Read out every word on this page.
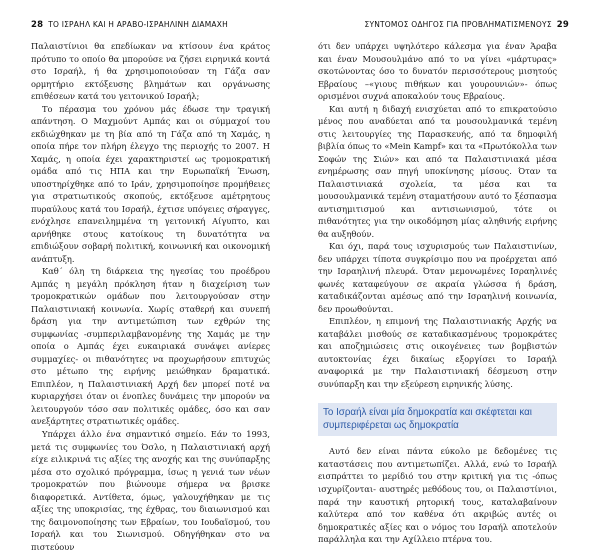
28 ΤΟ ΙΣΡΑΗΛ ΚΑΙ Η ΑΡΑΒΟ-ΙΣΡΑΗΛΙΝΗ ΔΙΑΜΑΧΗ

Παλαιστίνιοι θα επεδίωκαν να κτίσουν ένα κράτος πρότυπο το οποίο θα μπορούσε να ζήσει ειρηνικά κοντά στο Ισραήλ, ή θα χρησιμοποιούσαν τη Γάζα σαν ορμητήριο εκτόξευσης βλημάτων και οργάνωσης επιθέσεων κατά του γειτονικού Ισραήλ;

Το πέρασμα του χρόνου μάς έδωσε την τραγική απάντηση. Ο Μαχμούντ Αμπάς και οι σύμμαχοί του εκδιώχθηκαν με τη βία από τη Γάζα από τη Χαμάς, η οποία πήρε τον πλήρη έλεγχο της περιοχής το 2007. Η Χαμάς, η οποία έχει χαρακτηριστεί ως τρομοκρατική ομάδα από τις ΗΠΑ και την Ευρωπαϊκή Ένωση, υποστηρίχθηκε από το Ιράν, χρησιμοποίησε προμήθειες για στρατιωτικούς σκοπούς, εκτόξευσε αμέτρητους πυραύλους κατά του Ισραήλ, έχτισε υπόγειες σήραγγες, ενόχλησε επανειλημμένα τη γειτονική Αίγυπτο, και αρνήθηκε στους κατοίκους τη δυνατότητα να επιδιώξουν σοβαρή πολιτική, κοινωνική και οικονομική ανάπτυξη.

Καθ΄ όλη τη διάρκεια της ηγεσίας του προέδρου Αμπάς η μεγάλη πρόκληση ήταν η διαχείριση των τρομοκρατικών ομάδων που λειτουργούσαν στην Παλαιστινιακή κοινωνία. Χωρίς σταθερή και συνεπή δράση για την αντιμετώπιση των εχθρών της συμφωνίας -συμπεριλαμβανομένης της Χαμάς με την οποία ο Αμπάς έχει ευκαιριακά συνάψει ανίερες συμμαχίες- οι πιθανότητες να προχωρήσουν επιτυχώς στο μέτωπο της ειρήνης μειώθηκαν δραματικά. Επιπλέον, η Παλαιστινιακή Αρχή δεν μπορεί ποτέ να κυριαρχήσει όταν οι ένοπλες δυνάμεις την μπορούν να λειτουργούν τόσο σαν πολιτικές ομάδες, όσο και σαν ανεξάρτητες στρατιωτικές ομάδες.

Υπάρχει άλλο ένα σημαντικό σημείο. Εάν το 1993, μετά τις συμφωνίες του Όσλο, η Παλαιστινιακή αρχή είχε ειλικρινά τις αξίες της ανοχής και της συνύπαρξης μέσα στο σχολικό πρόγραμμα, ίσως η γενιά των νέων τρομοκρατών που βιώνουμε σήμερα να βρισκε διαφορετικά. Αντίθετα, όμως, γαλουχήθηκαν με τις αξίες της υποκρισίας, της έχθρας, του διαιωνισμού και της δαιμονοποίησης των Εβραίων, του Ιουδαϊσμού, του Ισραήλ και του Σιωνισμού. Οδηγήθηκαν στο να πιστεύουν

ΣΥΝΤΟΜΟΣ ΟΔΗΓΟΣ ΓΙΑ ΠΡΟΒΛΗΜΑΤΙΣΜΕΝΟΥΣ 29

ότι δεν υπάρχει υψηλότερο κάλεσμα για έναν Άραβα και έναν Μουσουλμάνο από το να γίνει «μάρτυρας» σκοτώνοντας όσο το δυνατόν περισσότερους μισητούς Εβραίους –«γιους πιθήκων και γουρουνιών»- όπως ορισμένοι συχνά αποκαλούν τους Εβραίους.

Και αυτή η διδαχή ενισχύεται από το επικρατούσιο μένος που αναδύεται από τα μουσουλμανικά τεμένη στις λειτουργίες της Παρασκευής, από τα δημοφιλή βιβλία όπως το «Mein Kampf» και τα «Πρωτόκολλα των Σοφών της Σιών» και από τα Παλαιστινιακά μέσα ενημέρωσης σαν πηγή υποκίνησης μίσους. Όταν τα Παλαιστινιακά σχολεία, τα μέσα και τα μουσουλμανικά τεμένη σταματήσουν αυτό το ξέσπασμα αντισημιτισμού και αντισιωνισμού, τότε οι πιθανότητες για την οικοδόμηση μίας αληθινής ειρήνης θα αυξηθούν.

Και όχι, παρά τους ισχυρισμούς των Παλαιστινίων, δεν υπάρχει τίποτα συγκρίσιμο που να προέρχεται από την Ισραηλινή πλευρά. Όταν μεμονωμένες Ισραηλινές φωνές καταφεύγουν σε ακραία γλώσσα ή δράση, καταδικάζονται αμέσως από την Ισραηλινή κοινωνία, δεν προωθούνται.

Επιπλέον, η επιμονή της Παλαιστινιακής Αρχής να καταβάλει μισθούς σε καταδικασμένους τρομοκράτες και αποζημιώσεις στις οικογένειες των βομβιστών αυτοκτονίας έχει δικαίως εξοργίσει το Ισραήλ αναφορικά με την Παλαιστινιακή δέσμευση στην συνύπαρξη και την εξεύρεση ειρηνικής λύσης.

Το Ισραήλ είναι μία δημοκρατία και σκέφτεται και συμπεριφέρεται ως δημοκρατία

Αυτό δεν είναι πάντα εύκολο με δεδομένες τις καταστάσεις που αντιμετωπίζει. Αλλά, ενώ το Ισραήλ εισπράττει το μερίδιό του στην κριτική για τις -όπως ισχυρίζονται- αυστηρές μεθόδους του, οι Παλαιστίνιοι, παρά την καυστική ρητορική τους, καταλαβαίνουν καλύτερα από τον καθένα ότι ακριβώς αυτές οι δημοκρατικές αξίες και ο νόμος του Ισραήλ αποτελούν παράλληλα και την Αχίλλειο πτέρνα του.
